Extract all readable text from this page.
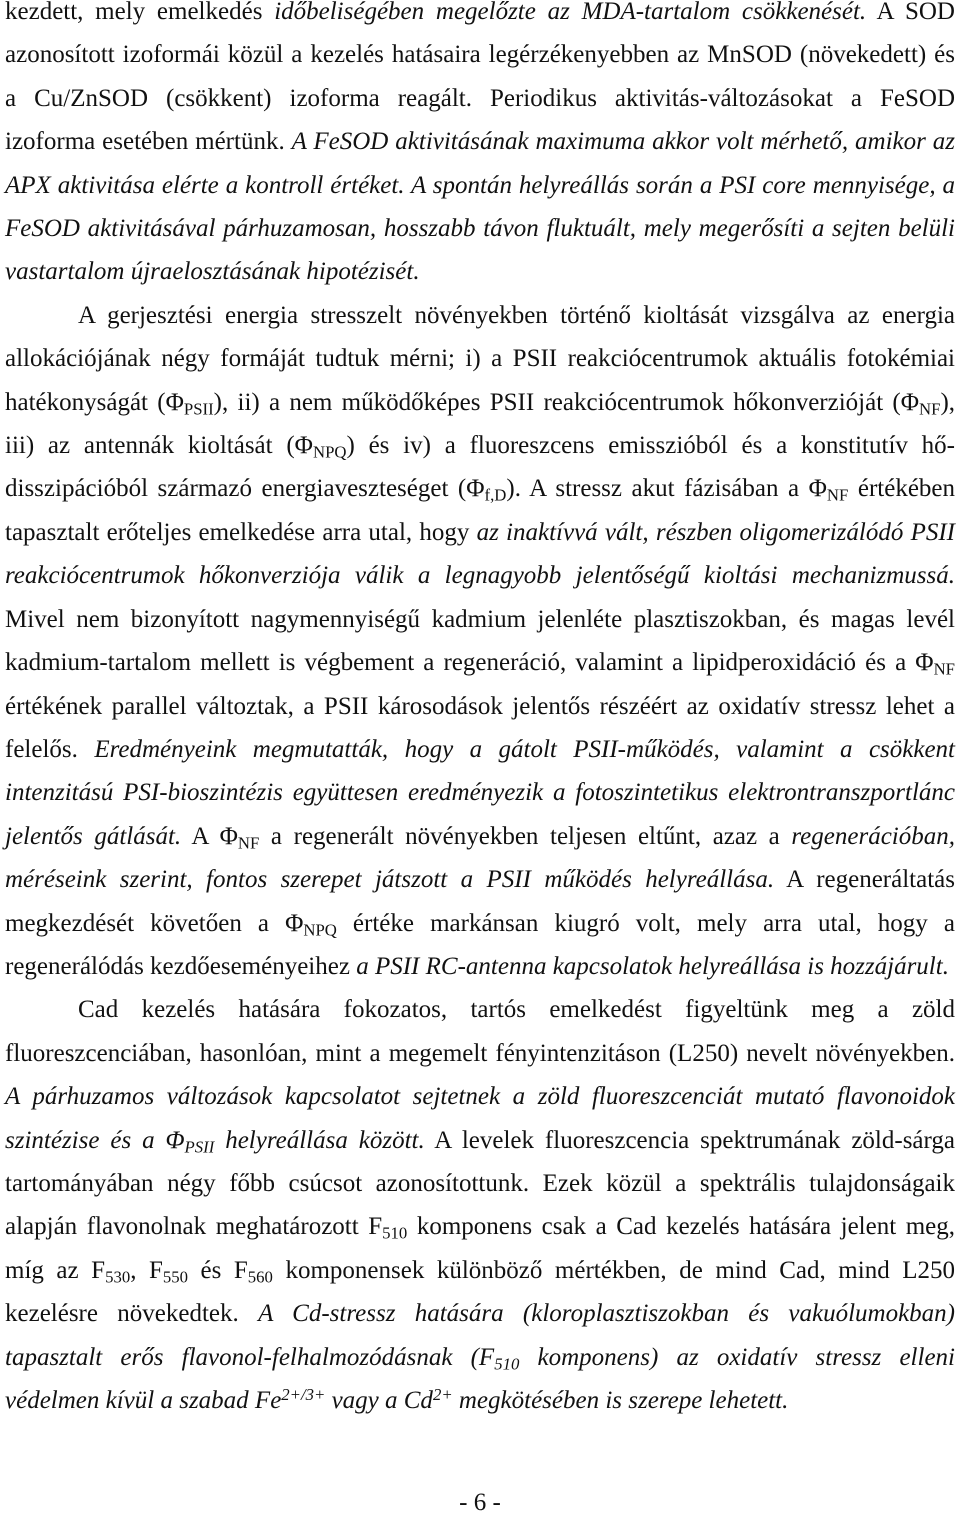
kezdett, mely emelkedés időbeliségében megelőzte az MDA-tartalom csökkenését. A SOD
azonosított izoformái közül a kezelés hatásaira legérzékenyebben az MnSOD (növekedett) és
a Cu/ZnSOD (csökkent) izoforma reagált. Periodikus aktivitás-változásokat a FeSOD
izoforma esetében mértünk. A FeSOD aktivitásának maximuma akkor volt mérhető, amikor az
APX aktivitása elérte a kontroll értéket. A spontán helyreállás során a PSI core mennyisége, a
FeSOD aktivitásával párhuzamosan, hosszabb távon fluktuált, mely megerősíti a sejten belüli
vastartalom újraelosztásának hipotézisét.
A gerjesztési energia stresszelt növényekben történő kioltását vizsgálva az energia
allokációjának négy formáját tudtuk mérni; i) a PSII reakciócentrumok aktuális fotokémiai
hatékonyságát $(\Phi_{PSII})$, ii) a nem működőképes PSII reakciócentrumok hőkonverzióját $(\Phi_{NF})$,
iii) az antennák kioltását $(\Phi_{NPQ})$ és iv) a fluoreszcens emisszióból és a konstitutív hő-
disszipációból származó energiaveszteséget $(\Phi_{f,D})$. A stressz akut fázisában a $\Phi_{NF}$ értékében
tapasztalt erőteljes emelkedése arra utal, hogy az inaktívvá vált, részben oligomerizálódó PSII
reakciócentrumok hőkonverziója válik a legnagyobb jelentőségű kioltási mechanizmussá.
Mivel nem bizonyított nagymennyiségű kadmium jelenléte plasztiszokban, és magas levél
kadmium-tartalom mellett is végbement a regeneráció, valamint a lipidperoxidáció és a $\Phi_{NF}$
értékének parallel változtak, a PSII károsodások jelentős részéért az oxidatív stressz lehet a
felelős. Eredményeink megmutatták, hogy a gátolt PSII-működés, valamint a csökkent
intenzitású PSI-bioszintézis együttesen eredményezik a fotoszintetikus elektrontranszportlánc
jelentős gátlását. A $\Phi_{NF}$ a regenerált növényekben teljesen eltűnt, azaz a regenerációban,
méréseink szerint, fontos szerepet játszott a PSII működés helyreállása. A regeneráltatás
megkezdését követően a $\Phi_{NPQ}$ értéke markánsan kiugró volt, mely arra utal, hogy a
regenerálódás kezdőeseményeihez a PSII RC-antenna kapcsolatok helyreállása is hozzájárult.
Cad kezelés hatására fokozatos, tartós emelkedést figyeltünk meg a zöld
fluoreszcenciában, hasonlóan, mint a megemelt fényintenzitáson (L250) nevelt növényekben.
A párhuzamos változások kapcsolatot sejtetnek a zöld fluoreszcenciát mutató flavonoidok
szintézise és a $\Phi_{PSII}$ helyreállása között. A levelek fluoreszcencia spektrumának zöld-sárga
tartományában négy főbb csúcsot azonosítottunk. Ezek közül a spektrális tulajdonságaik
alapján flavonolnak meghatározott $F_{510}$ komponens csak a Cad kezelés hatására jelent meg,
míg az $F_{530}$, $F_{550}$ és $F_{560}$ komponensek különböző mértékben, de mind Cad, mind L250
kezelésre növekedtek. A Cd-stressz hatására (kloroplasztiszokban és vakuólumokban)
tapasztalt erős flavonol-felhalmozódásnak ($F_{510}$ komponens) az oxidatív stressz elleni
védelmen kívül a szabad $Fe^{2+/3+}$ vagy a $Cd^{2+}$ megkötésében is szerepe lehetett.
- 6 -
